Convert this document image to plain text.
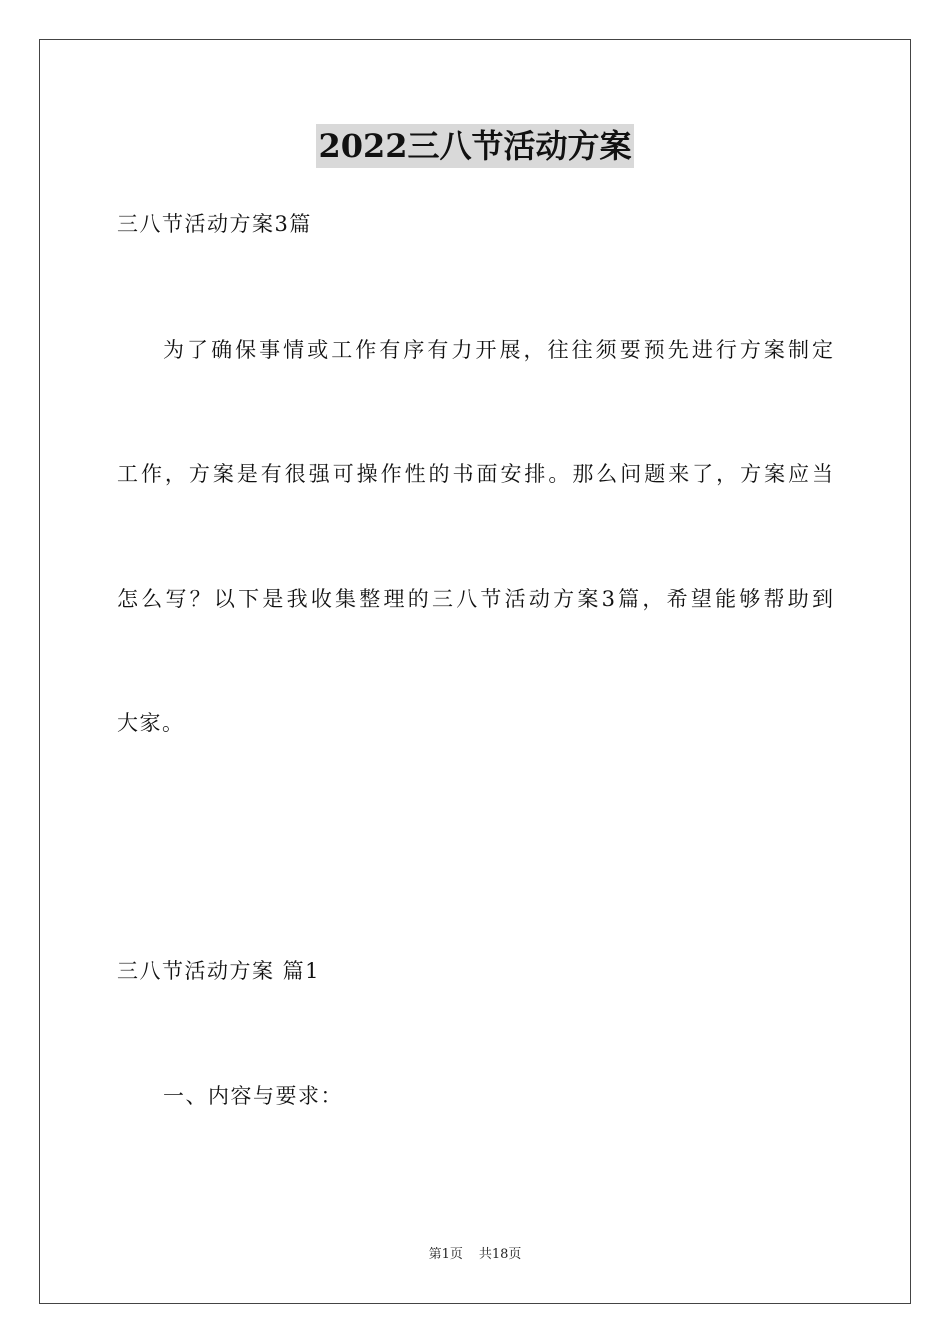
2022三八节活动方案
三八节活动方案3篇
为了确保事情或工作有序有力开展，往往须要预先进行方案制定
工作，方案是有很强可操作性的书面安排。那么问题来了，方案应当
怎么写？以下是我收集整理的三八节活动方案3篇，希望能够帮助到
大家。
三八节活动方案 篇1
一、内容与要求：
第1页 共18页
